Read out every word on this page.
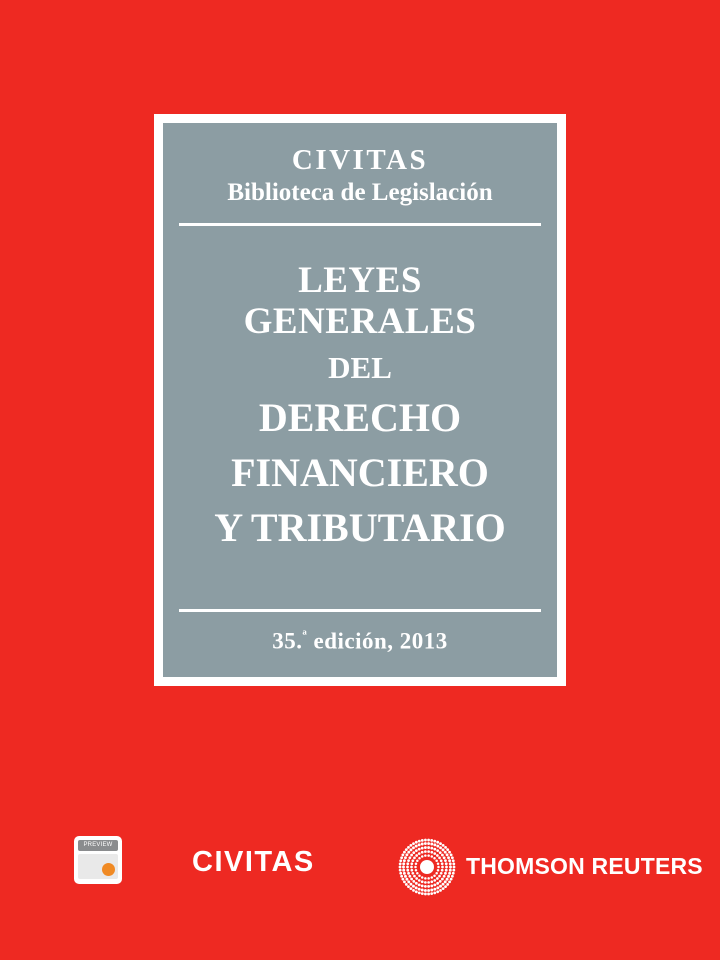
CIVITAS
Biblioteca de Legislación
LEYES GENERALES
DEL
DERECHO
FINANCIERO
Y TRIBUTARIO
35.$^ª$ edición, 2013
PREVIEW
CIVITAS	THOMSON REUTERS
